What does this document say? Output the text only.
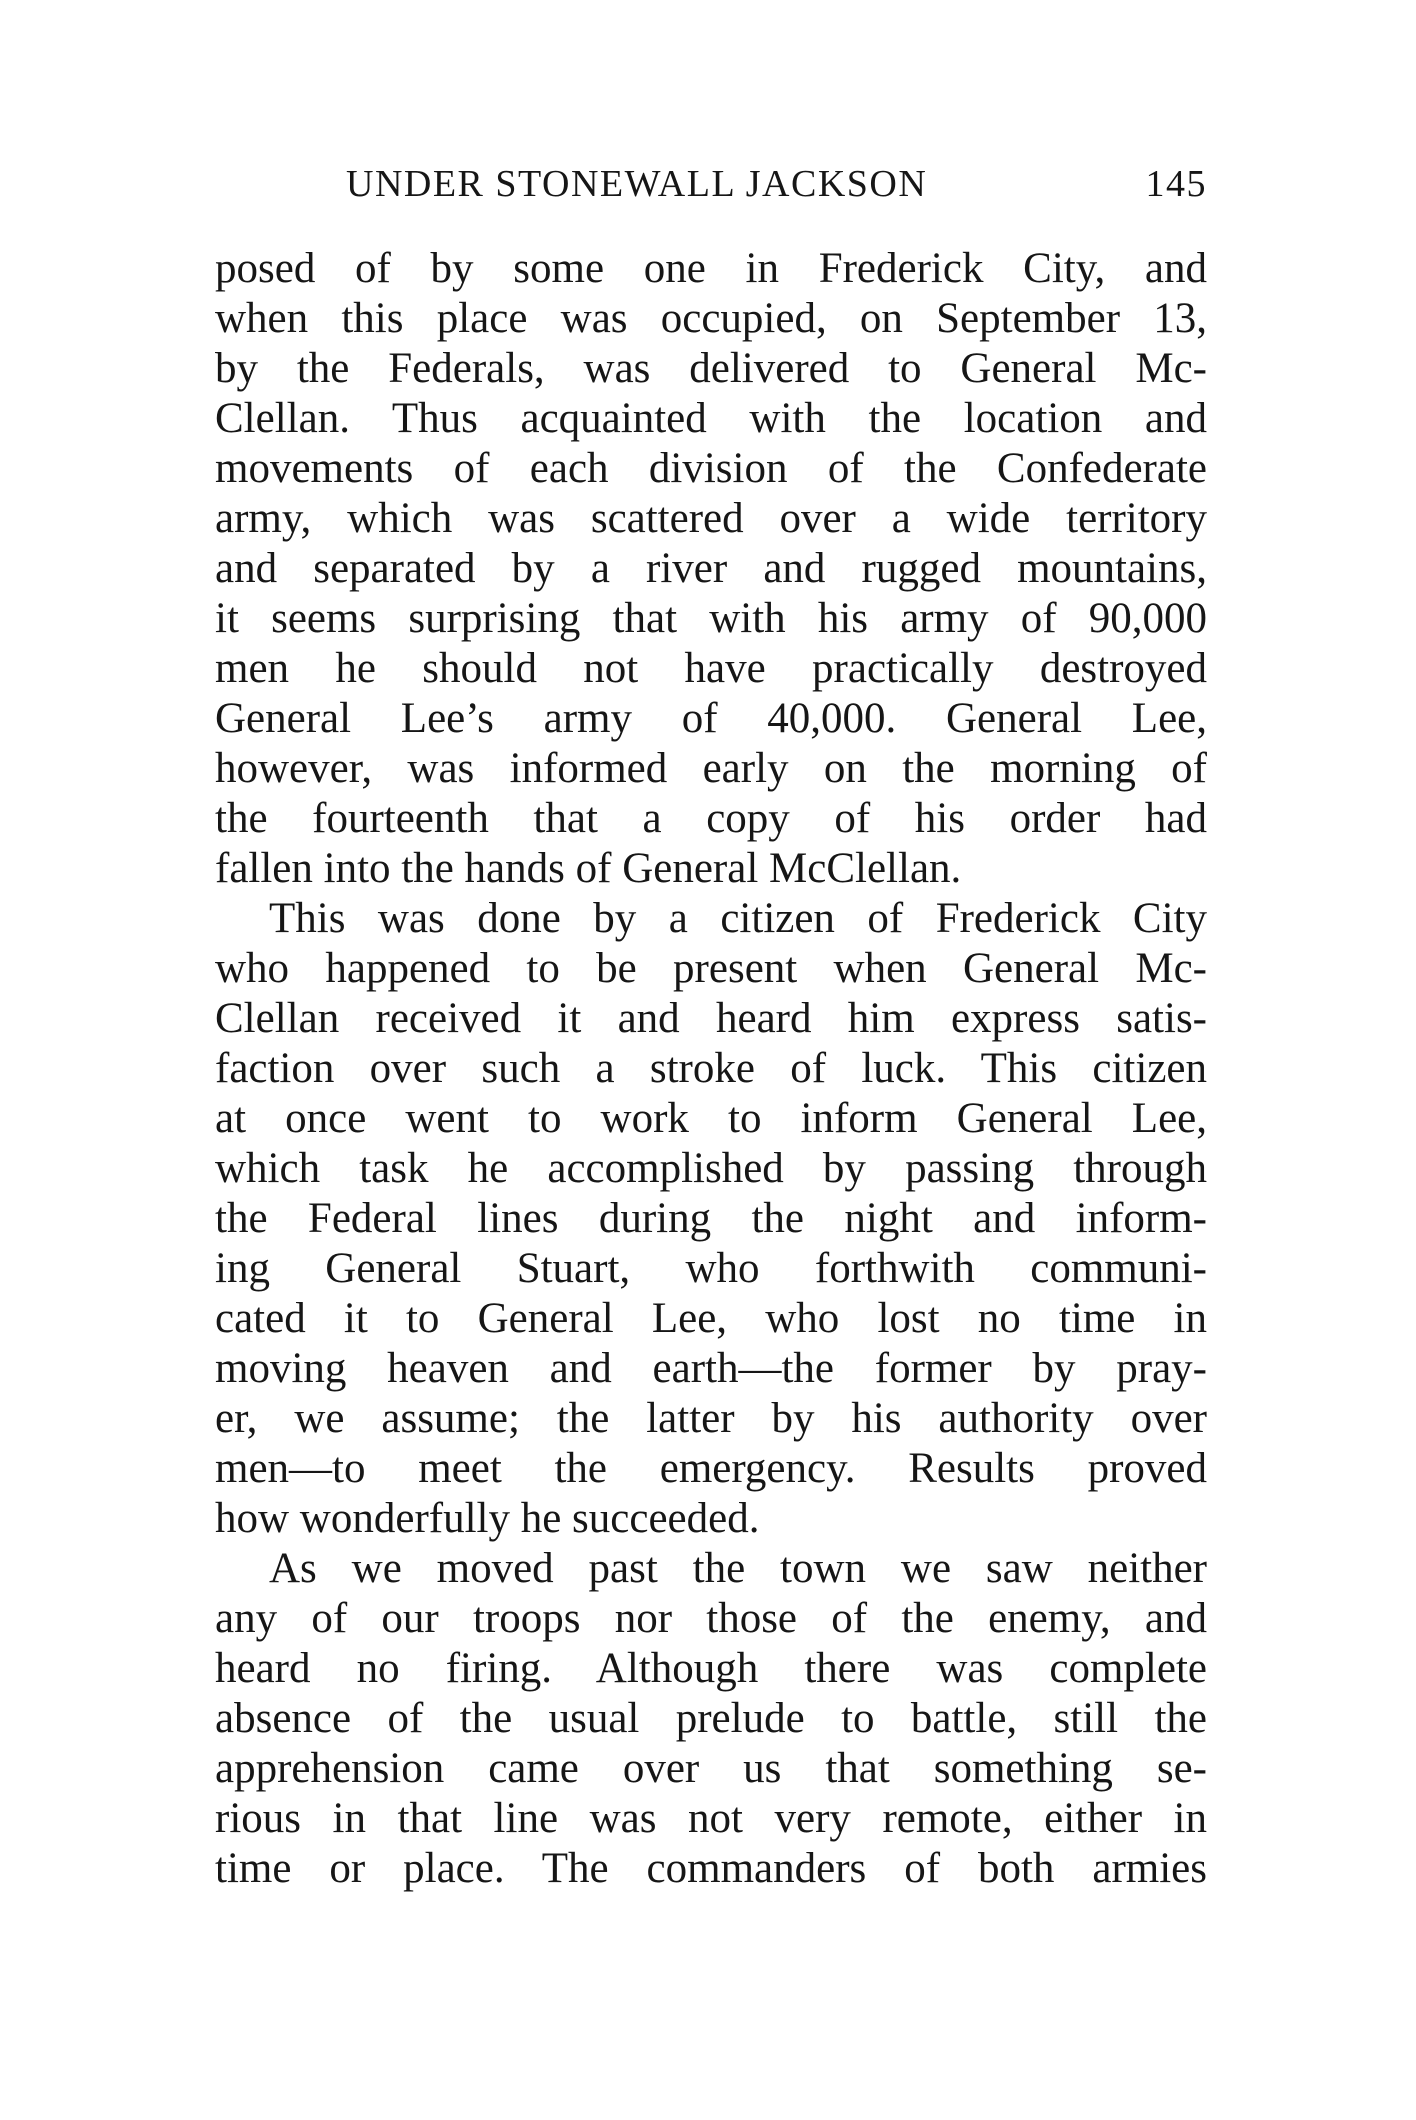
UNDER STONEWALL JACKSON	145
posed of by some one in Frederick City, and
when this place was occupied, on September 13,
by the Federals, was delivered to General Mc-
Clellan. Thus acquainted with the location and
movements of each division of the Confederate
army, which was scattered over a wide territory
and separated by a river and rugged mountains,
it seems surprising that with his army of 90,000
men he should not have practically destroyed
General Lee’s army of 40,000. General Lee,
however, was informed early on the morning of
the fourteenth that a copy of his order had
fallen into the hands of General McClellan.
This was done by a citizen of Frederick City
who happened to be present when General Mc-
Clellan received it and heard him express satis-
faction over such a stroke of luck. This citizen
at once went to work to inform General Lee,
which task he accomplished by passing through
the Federal lines during the night and inform-
ing General Stuart, who forthwith communi-
cated it to General Lee, who lost no time in
moving heaven and earth—the former by pray-
er, we assume; the latter by his authority over
men—to meet the emergency. Results proved
how wonderfully he succeeded.
As we moved past the town we saw neither
any of our troops nor those of the enemy, and
heard no firing. Although there was complete
absence of the usual prelude to battle, still the
apprehension came over us that something se-
rious in that line was not very remote, either in
time or place. The commanders of both armies
